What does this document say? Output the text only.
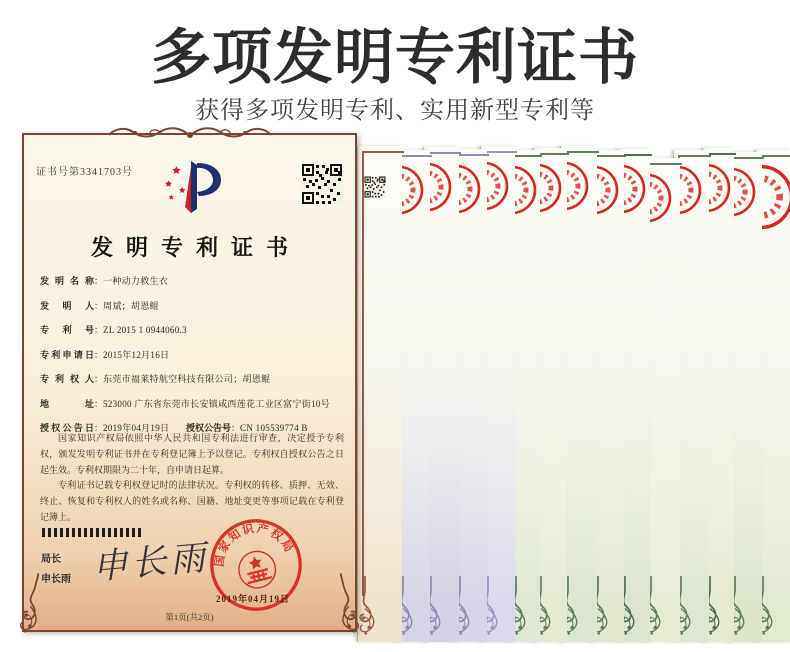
多项发明专利证书
获得多项发明专利、实用新型专利等
证书号第3341703号
发明专利证书
发明名称：一种动力救生衣
发明人：周斌；胡恩鲲
专利号：ZL 2015 1 0944060.3
专利申请日：2015年12月16日
专利权人：东莞市福莱特航空科技有限公司；胡恩鲲
地址：523000 广东省东莞市长安镇咸西莲花工业区富宁街10号
授权公告日：2019年04月19日 授权公告号：CN 105539774 B

国家知识产权局依照中华人民共和国专利法进行审查，决定授予专利权，颁发发明专利证书并在专利登记簿上予以登记。专利权自授权公告之日起生效。专利权期限为二十年，自申请日起算。

专利证书记载专利权登记时的法律状况。专利权的转移、质押、无效、终止、恢复和专利权人的姓名或名称、国籍、地址变更等事项记载在专利登记簿上。

局长
申长雨 申长雨 国家知识产权局
2019年04月19日
第1页(共2页)
